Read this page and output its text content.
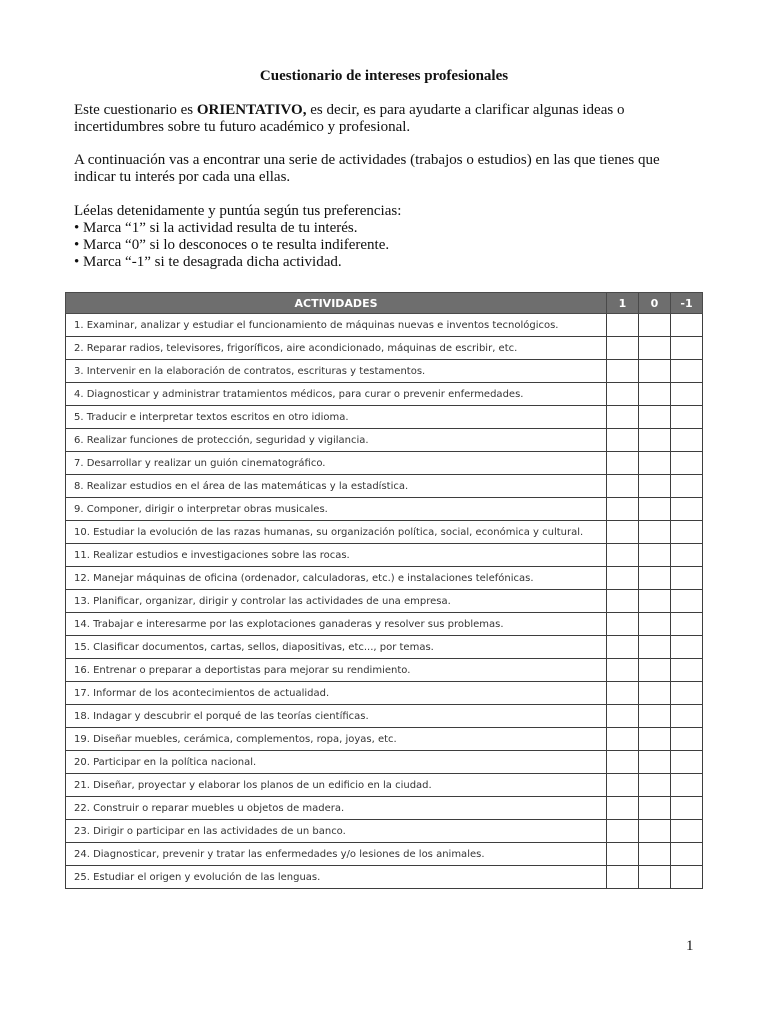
Cuestionario de intereses profesionales
Este cuestionario es ORIENTATIVO, es decir, es para ayudarte a clarificar algunas ideas o incertidumbres sobre tu futuro académico y profesional.
A continuación vas a encontrar una serie de actividades (trabajos o estudios) en las que tienes que indicar tu interés por cada una ellas.
Léelas detenidamente y puntúa según tus preferencias:
• Marca “1” si la actividad resulta de tu interés.
• Marca “0” si lo desconoces o te resulta indiferente.
• Marca “-1” si te desagrada dicha actividad.
ACTIVIDADES	1	0	-1
1. Examinar, analizar y estudiar el funcionamiento de máquinas nuevas e inventos tecnológicos.			
2. Reparar radios, televisores, frigoríficos, aire acondicionado, máquinas de escribir, etc.			
3. Intervenir en la elaboración de contratos, escrituras y testamentos.			
4. Diagnosticar y administrar tratamientos médicos, para curar o prevenir enfermedades.			
5. Traducir e interpretar textos escritos en otro idioma.			
6. Realizar funciones de protección, seguridad y vigilancia.			
7. Desarrollar y realizar un guión cinematográfico.			
8. Realizar estudios en el área de las matemáticas y la estadística.			
9. Componer, dirigir o interpretar obras musicales.			
10. Estudiar la evolución de las razas humanas, su organización política, social, económica y cultural.			
11. Realizar estudios e investigaciones sobre las rocas.			
12. Manejar máquinas de oficina (ordenador, calculadoras, etc.) e instalaciones telefónicas.			
13. Planificar, organizar, dirigir y controlar las actividades de una empresa.			
14. Trabajar e interesarme por las explotaciones ganaderas y resolver sus problemas.			
15. Clasificar documentos, cartas, sellos, diapositivas, etc..., por temas.			
16. Entrenar o preparar a deportistas para mejorar su rendimiento.			
17. Informar de los acontecimientos de actualidad.			
18. Indagar y descubrir el porqué de las teorías científicas.			
19. Diseñar muebles, cerámica, complementos, ropa, joyas, etc.			
20. Participar en la política nacional.			
21. Diseñar, proyectar y elaborar los planos de un edificio en la ciudad.			
22. Construir o reparar muebles u objetos de madera.			
23. Dirigir o participar en las actividades de un banco.			
24. Diagnosticar, prevenir y tratar las enfermedades y/o lesiones de los animales.			
25. Estudiar el origen y evolución de las lenguas.			
1
